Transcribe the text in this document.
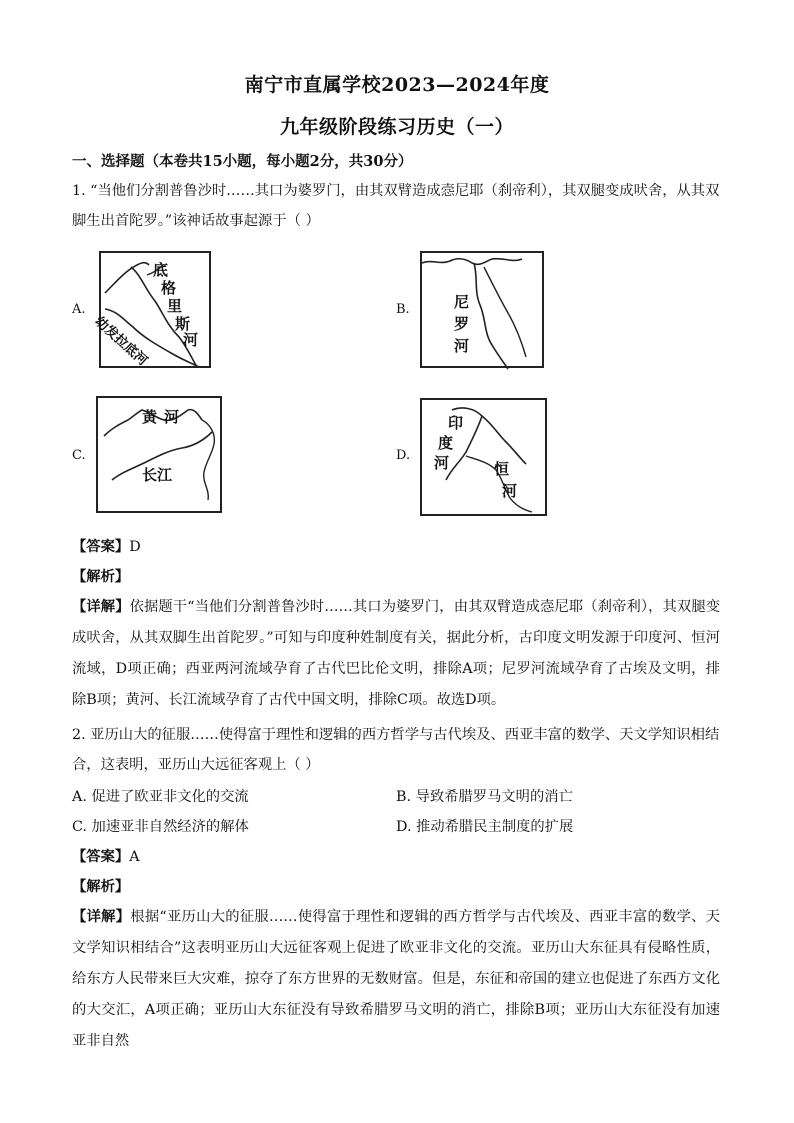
南宁市直属学校2023—2024年度
九年级阶段练习历史（一）
一、选择题（本卷共15小题，每小题2分，共30分）
1. “当他们分割普鲁沙时……其口为婆罗门，由其双臂造成悫尼耶（刹帝利），其双腿变成吠舍，从其双
脚生出首陀罗。”该神话故事起源于（ ）
A.	B.
C.	D.
底
格
里
斯
河
幼发拉底河
尼
罗
河
黄 河
长江
印
度
河	恒
河
【答案】D
【解析】
【详解】依据题干“当他们分割普鲁沙时……其口为婆罗门，由其双臂造成悫尼耶（刹帝利），其双腿变成吠舍，从其双脚生出首陀罗。”可知与印度种姓制度有关，据此分析，古印度文明发源于印度河、恒河流域，D项正确；西亚两河流域孕育了古代巴比伦文明，排除A项；尼罗河流域孕育了古埃及文明，排除B项；黄河、长江流域孕育了古代中国文明，排除C项。故选D项。
2. 亚历山大的征服……使得富于理性和逻辑的西方哲学与古代埃及、西亚丰富的数学、天文学知识相结
合，这表明，亚历山大远征客观上（ ）
A. 促进了欧亚非文化的交流	B. 导致希腊罗马文明的消亡
C. 加速亚非自然经济的解体	D. 推动希腊民主制度的扩展
【答案】A
【解析】
【详解】根据“亚历山大的征服……使得富于理性和逻辑的西方哲学与古代埃及、西亚丰富的数学、天文学知识相结合”这表明亚历山大远征客观上促进了欧亚非文化的交流。亚历山大东征具有侵略性质，给东方人民带来巨大灾难，掠夺了东方世界的无数财富。但是，东征和帝国的建立也促进了东西方文化的大交汇，A项正确；亚历山大东征没有导致希腊罗马文明的消亡，排除B项；亚历山大东征没有加速亚非自然
